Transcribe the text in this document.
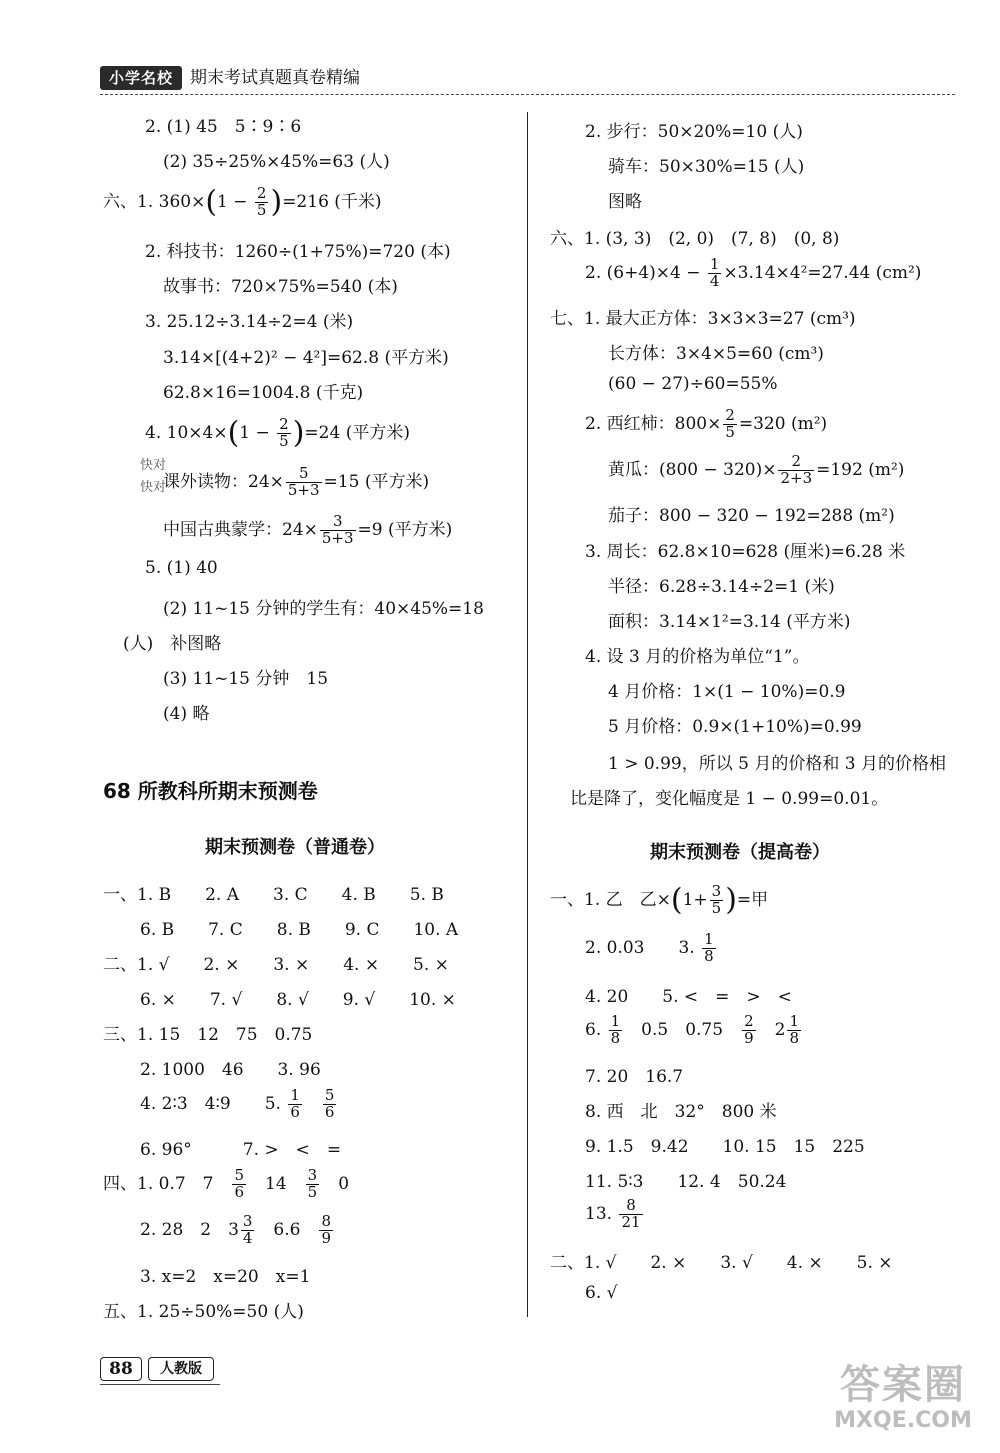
小学名校	期末考试真题真卷精编
2. (1) 45　5∶9∶6
(2) 35÷25%×45%=63 (人)
六、1. $360\times(1 - \frac{2}{5} )=216$ (千米)
2. 科技书：1260÷(1+75%)=720 (本)
故事书：720×75%=540 (本)
3. 25.12÷3.14÷2=4 (米)
3.14×[(4+2)² − 4²]=62.8 (平方米)
62.8×16=1004.8 (千克)
4. $10\times 4\times(1 - \frac{2}{5} )=24$ (平方米)
快对
快对
课外读物：$24\times \frac{5}{5+3} =15$ (平方米)
中国古典蒙学：$24\times \frac{3}{5+3} =9$ (平方米)
5. (1) 40
(2) 11~15 分钟的学生有：40×45%=18
(人)　补图略
(3) 11~15 分钟　15
(4) 略
68 所教科所期末预测卷
期末预测卷（普通卷）
一、1. B　　2. A　　3. C　　4. B　　5. B
6. B　　7. C　　8. B　　9. C　　10. A
二、1. √　　2. ×　　3. ×　　4. ×　　5. ×
6. ×　　7. √　　8. √　　9. √　　10. ×
三、1. 15　12　75　0.75
2. 1000　46　　3. 96
4. 2∶3　4∶9　　5. $\frac{1}{6}$
　 $\frac{5}{6}$
6. 96°　　　7. >　<　=
四、1. 0.7　7　 $\frac{5}{6}$ 　14　 $\frac{3}{5}$ 　0
2. 28　2　$3 \frac{3}{4}$ 　6.6　 $\frac{8}{9}$
3. x=2　x=20　x=1
五、1. 25÷50%=50 (人)
2. 步行：50×20%=10 (人)
骑车：50×30%=15 (人)
图略
六、1. (3, 3)　(2, 0)　(7, 8)　(0, 8)
2. $(6+4)\times 4 - \frac{1}{4} \times 3.14\times 4^2=27.44$ (cm²)
七、1. 最大正方体：3×3×3=27 (cm³)
长方体：3×4×5=60 (cm³)
(60 − 27)÷60=55%
2. 西红柿：$800\times \frac{2}{5} =320$ (m²)
黄瓜：$(800 - 320)\times \frac{2}{2+3} =192$ (m²)
茄子：800 − 320 − 192=288 (m²)
3. 周长：62.8×10=628 (厘米)=6.28 米
半径：6.28÷3.14÷2=1 (米)
面积：3.14×1²=3.14 (平方米)
4. 设 3 月的价格为单位“1”。
4 月价格：1×(1 − 10%)=0.9
5 月价格：0.9×(1+10%)=0.99
1 > 0.99，所以 5 月的价格和 3 月的价格相
比是降了，变化幅度是 1 − 0.99=0.01。
期末预测卷（提高卷）
一、1. 乙　乙$\times(1+ \frac{3}{5}$ )=甲
2. 0.03　　3. $\frac{1}{8}$
4. 20　　5. <　=　>　<
6. $\frac{1}{8}$ 　0.5　0.75　 $\frac{2}{9}$ 　$2 \frac{1}{8}$
7. 20　16.7
8. 西　北　32°　800 米
9. 1.5　9.42　　10. 15　15　225
11. 5∶3　　12. 4　50.24
13. $\frac{8}{21}$
二、1. √　　2. ×　　3. √　　4. ×　　5. ×
6. √
88	人教版	答案圈
MXQE.COM
